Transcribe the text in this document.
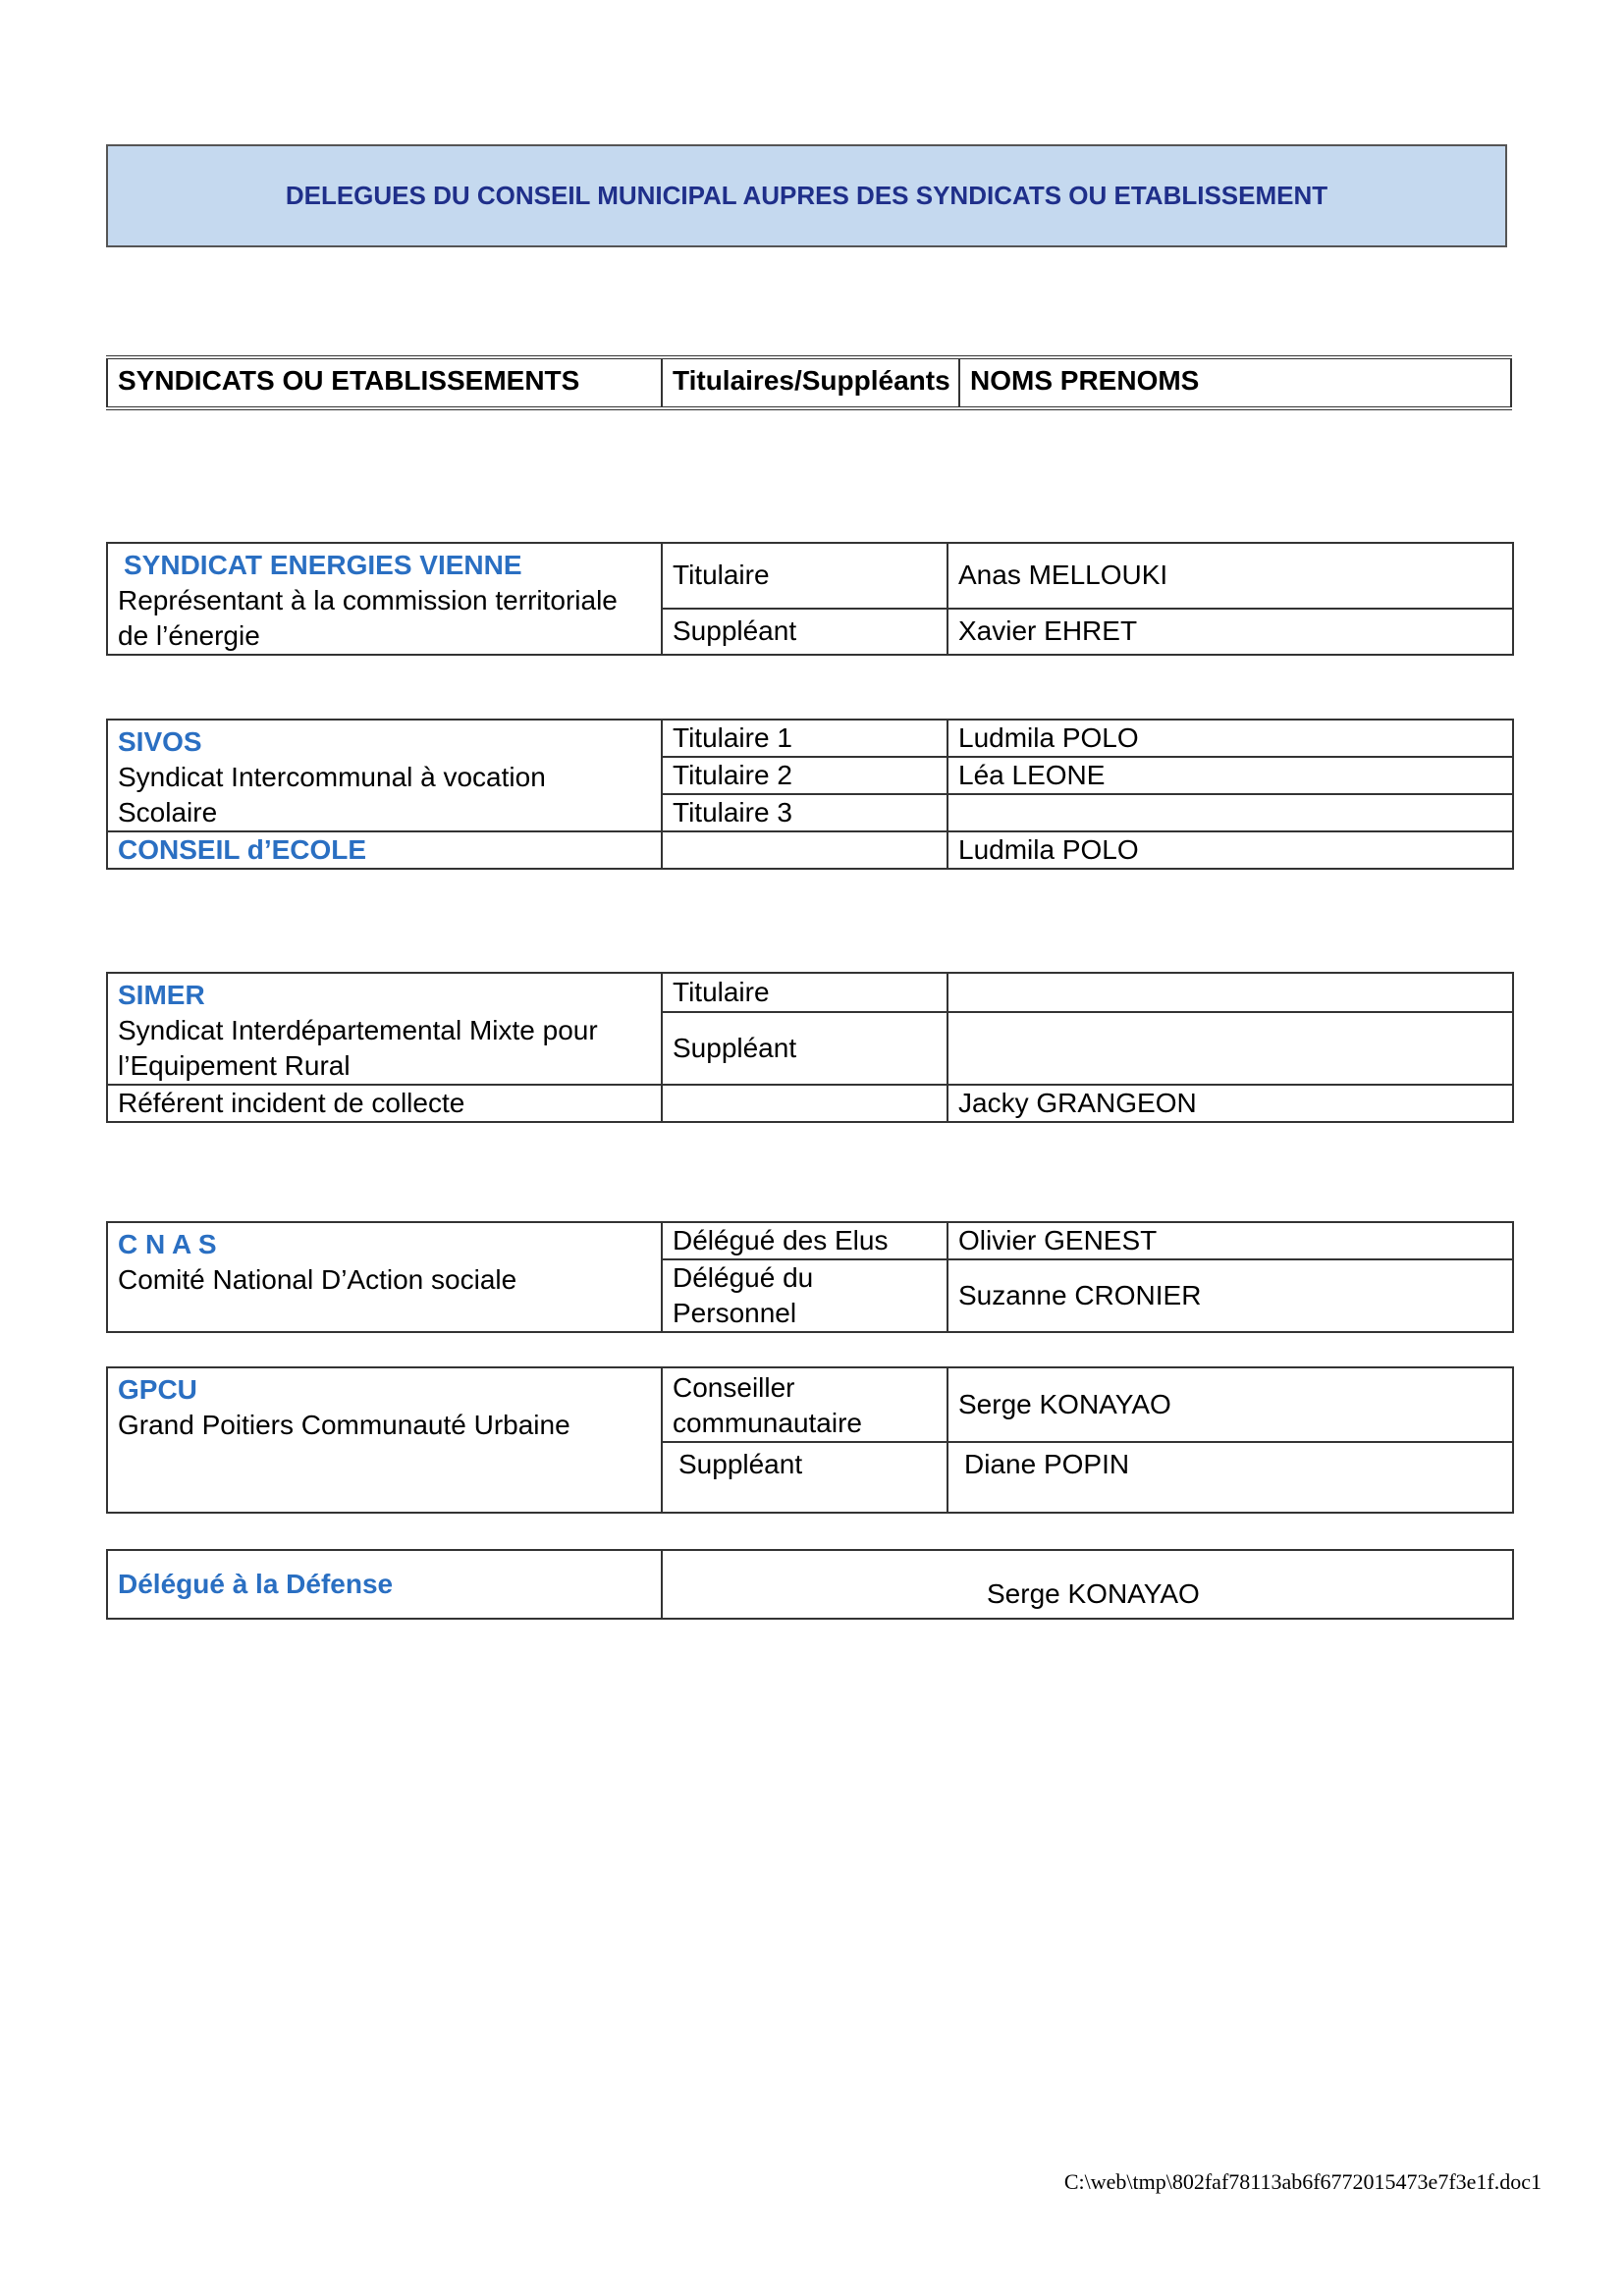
DELEGUES DU CONSEIL MUNICIPAL AUPRES DES SYNDICATS OU ETABLISSEMENT
SYNDICATS OU ETABLISSEMENTS	Titulaires/Suppléants	NOMS PRENOMS
SYNDICAT ENERGIES VIENNE
Représentant à la commission territoriale de l’énergie	Titulaire	Anas MELLOUKI
	Suppléant	Xavier EHRET
SIVOS
Syndicat Intercommunal à vocation Scolaire	Titulaire 1	Ludmila POLO
	Titulaire 2	Léa LEONE
	Titulaire 3	
CONSEIL d’ECOLE		Ludmila POLO
SIMER
Syndicat Interdépartemental Mixte pour l’Equipement Rural	Titulaire	
	Suppléant	
Référent incident de collecte		Jacky GRANGEON
C N A S
Comité National D’Action sociale	Délégué des Elus	Olivier GENEST
	Délégué du Personnel	Suzanne CRONIER
GPCU
Grand Poitiers Communauté Urbaine	Conseiller communautaire	Serge KONAYAO
	Suppléant	Diane POPIN
Délégué à la Défense	Serge KONAYAO
C:\web\tmp\802faf78113ab6f6772015473e7f3e1f.doc1
